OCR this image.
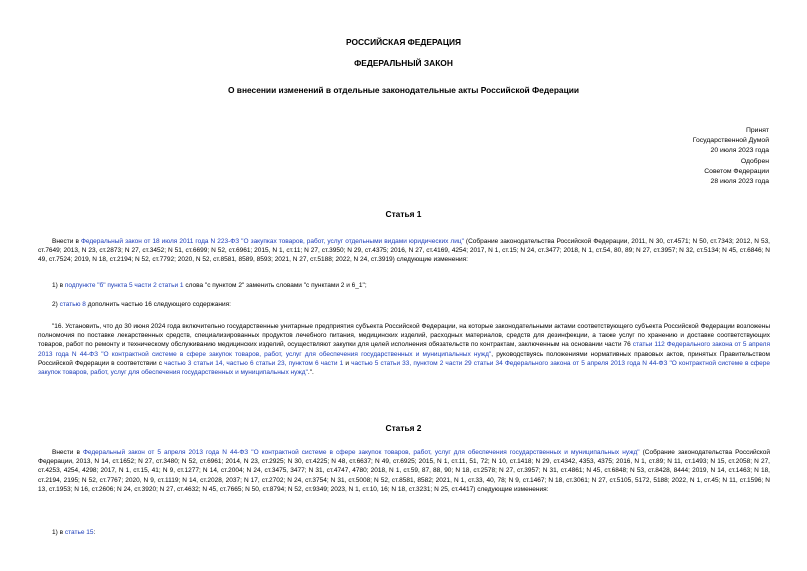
РОССИЙСКАЯ ФЕДЕРАЦИЯ
ФЕДЕРАЛЬНЫЙ ЗАКОН
О внесении изменений в отдельные законодательные акты Российской Федерации
Принят
Государственной Думой
20 июля 2023 года
Одобрен
Советом Федерации
28 июля 2023 года
Статья 1
Внести в Федеральный закон от 18 июля 2011 года N 223-ФЗ "О закупках товаров, работ, услуг отдельными видами юридических лиц" (Собрание законодательства Российской Федерации, 2011, N 30, ст.4571; N 50, ст.7343; 2012, N 53, ст.7649; 2013, N 23, ст.2873; N 27, ст.3452; N 51, ст.6699; N 52, ст.6961; 2015, N 1, ст.11; N 27, ст.3950; N 29, ст.4375; 2016, N 27, ст.4169, 4254; 2017, N 1, ст.15; N 24, ст.3477; 2018, N 1, ст.54, 80, 89; N 27, ст.3957; N 32, ст.5134; N 45, ст.6846; N 49, ст.7524; 2019, N 18, ст.2194; N 52, ст.7792; 2020, N 52, ст.8581, 8589, 8593; 2021, N 27, ст.5188; 2022, N 24, ст.3919) следующие изменения:
1) в подпункте "б" пункта 5 части 2 статьи 1 слова "с пунктом 2" заменить словами "с пунктами 2 и 6_1";
2) статью 8 дополнить частью 16 следующего содержания:
"16. Установить, что до 30 июня 2024 года включительно государственные унитарные предприятия субъекта Российской Федерации, на которые законодательными актами соответствующего субъекта Российской Федерации возложены полномочия по поставке лекарственных средств, специализированных продуктов лечебного питания, медицинских изделий, расходных материалов, средств для дезинфекции, а также услуг по хранению и доставке соответствующих товаров, работ по ремонту и техническому обслуживанию медицинских изделий, осуществляют закупки для целей исполнения обязательств по контрактам, заключенным на основании части 76 статьи 112 Федерального закона от 5 апреля 2013 года N 44-ФЗ "О контрактной системе в сфере закупок товаров, работ, услуг для обеспечения государственных и муниципальных нужд", руководствуясь положениями нормативных правовых актов, принятых Правительством Российской Федерации в соответствии с частью 3 статьи 14, частью 6 статьи 23, пунктом 6 части 1 и частью 5 статьи 33, пунктом 2 части 29 статьи 34 Федерального закона от 5 апреля 2013 года N 44-ФЗ "О контрактной системе в сфере закупок товаров, работ, услуг для обеспечения государственных и муниципальных нужд".".
Статья 2
Внести в Федеральный закон от 5 апреля 2013 года N 44-ФЗ "О контрактной системе в сфере закупок товаров, работ, услуг для обеспечения государственных и муниципальных нужд" (Собрание законодательства Российской Федерации, 2013, N 14, ст.1652; N 27, ст.3480; N 52, ст.6961; 2014, N 23, ст.2925; N 30, ст.4225; N 48, ст.6637; N 49, ст.6925; 2015, N 1, ст.11, 51, 72; N 10, ст.1418; N 29, ст.4342, 4353, 4375; 2016, N 1, ст.89; N 11, ст.1493; N 15, ст.2058; N 27, ст.4253, 4254, 4298; 2017, N 1, ст.15, 41; N 9, ст.1277; N 14, ст.2004; N 24, ст.3475, 3477; N 31, ст.4747, 4780; 2018, N 1, ст.59, 87, 88, 90; N 18, ст.2578; N 27, ст.3957; N 31, ст.4861; N 45, ст.6848; N 53, ст.8428, 8444; 2019, N 14, ст.1463; N 18, ст.2194, 2195; N 52, ст.7767; 2020, N 9, ст.1119; N 14, ст.2028, 2037; N 17, ст.2702; N 24, ст.3754; N 31, ст.5008; N 52, ст.8581, 8582; 2021, N 1, ст.33, 40, 78; N 9, ст.1467; N 18, ст.3061; N 27, ст.5105, 5172, 5188; 2022, N 1, ст.45; N 11, ст.1596; N 13, ст.1953; N 16, ст.2606; N 24, ст.3920; N 27, ст.4632; N 45, ст.7665; N 50, ст.8794; N 52, ст.9349; 2023, N 1, ст.10, 16; N 18, ст.3231; N 25, ст.4417) следующие изменения:
1) в статье 15:
